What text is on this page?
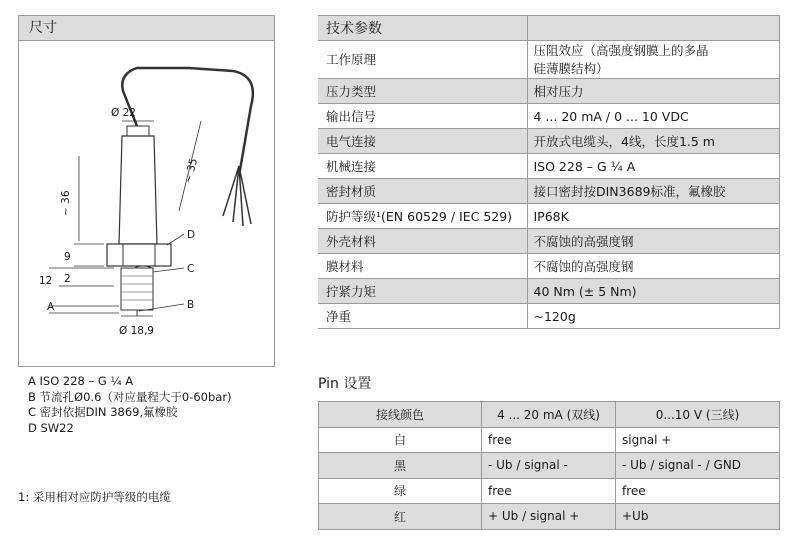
尺寸
Ø 22
~ 36
~ 35
9
2
12
Ø 18,9
D
C
B
A
A ISO 228 – G ¼ A
B 节流孔Ø0.6（对应量程大于0-60bar)
C 密封依据DIN 3869,氟橡胶
D SW22
1: 采用相对应防护等级的电缆
技术参数	
工作原理	压阻效应（高强度钢膜上的多晶
硅薄膜结构）
压力类型	相对压力
输出信号	4 ... 20 mA / 0 ... 10 VDC
电气连接	开放式电缆头，4线，长度1.5 m
机械连接	ISO 228 – G ¼ A
密封材质	接口密封按DIN3689标准，氟橡胶
防护等级¹(EN 60529 / IEC 529)	IP68K
外壳材料	不腐蚀的高强度钢
膜材料	不腐蚀的高强度钢
拧紧力矩	40 Nm (± 5 Nm)
净重	~120g
Pin 设置
接线颜色	4 ... 20 mA (双线)	0...10 V (三线)
白	free	signal +
黑	- Ub / signal -	- Ub / signal - / GND
绿	free	free
红	+ Ub / signal +	+Ub
